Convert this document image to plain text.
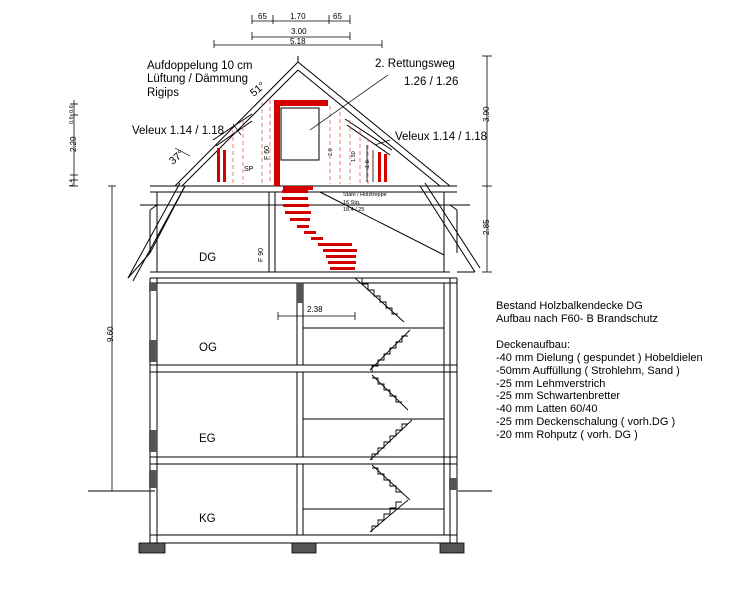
65	1.70	65
3.00
5.18
3.90
2.85
9.60
2.20
0.6
0.6
1.4
2.38
51°
37°	2.0	1.50
1.0
F 60
F 90
SP
Aufdoppelung 10 cm
Lüftung / Dämmung
Rigips
2. Rettungsweg
1.26 / 1.26
Veleux 1.14 / 1.18	Veleux 1.14 / 1.18
Stahl / Holztreppe
16 Stg.
18.4 / 25
DG
OG
EG
KG
Bestand Holzbalkendecke DG
Aufbau nach F60- B Brandschutz
Deckenaufbau:
-40 mm Dielung ( gespundet ) Hobeldielen
-50mm Auffüllung ( Strohlehm, Sand )
-25 mm Lehmverstrich
-25 mm Schwartenbretter
-40 mm Latten 60/40
-25 mm Deckenschalung ( vorh.DG )
-20 mm Rohputz ( vorh. DG )
